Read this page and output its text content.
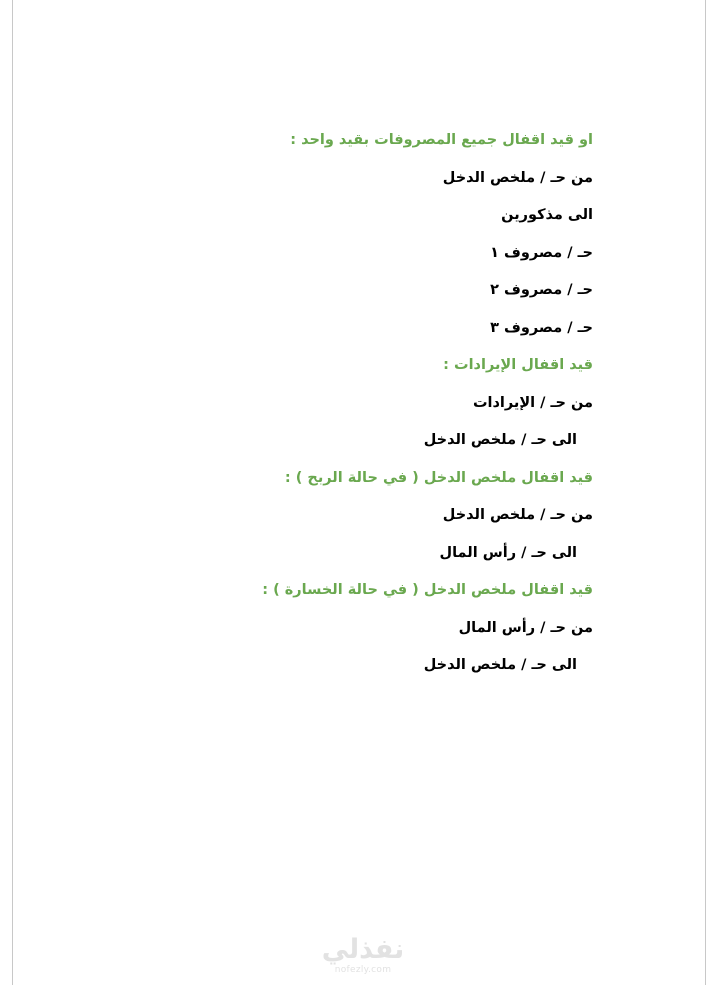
او قيد اقفال جميع المصروفات بقيد واحد :
من حـ / ملخص الدخل
الى مذكورين
حـ / مصروف ١
حـ / مصروف ٢
حـ / مصروف ٣
قيد اقفال الإيرادات :
من حـ / الإيرادات
الى حـ / ملخص الدخل
قيد اقفال ملخص الدخل ( في حالة الربح ) :
من حـ / ملخص الدخل
الى حـ / رأس المال
قيد اقفال ملخص الدخل ( في حالة الخسارة ) :
من حـ / رأس المال
الى حـ / ملخص الدخل
نفذلي
nofezly.com
